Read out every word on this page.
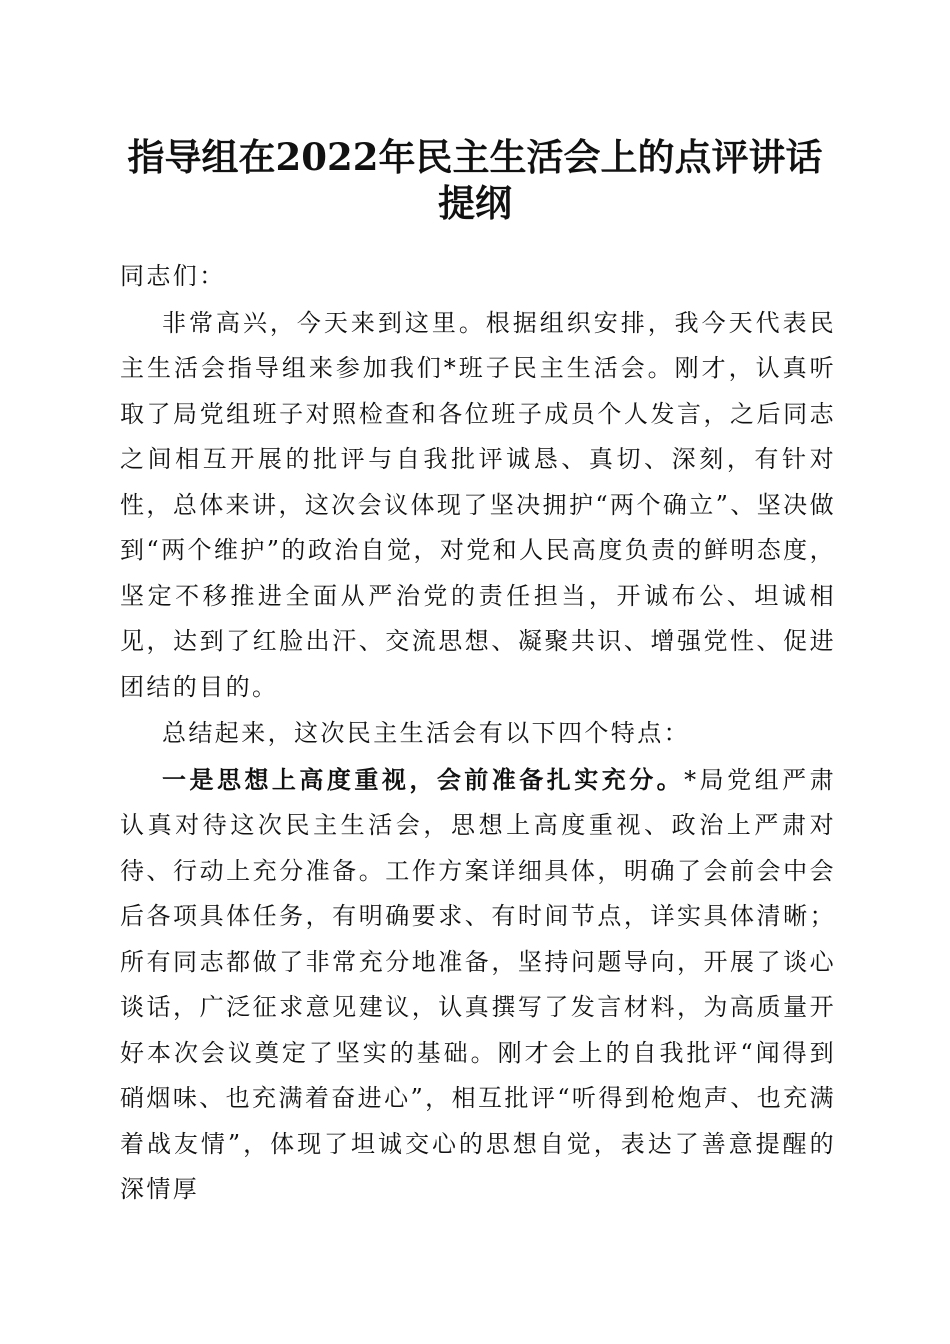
指导组在2022年民主生活会上的点评讲话提纲

同志们：

非常高兴，今天来到这里。根据组织安排，我今天代表民主生活会指导组来参加我们*班子民主生活会。刚才，认真听取了局党组班子对照检查和各位班子成员个人发言，之后同志之间相互开展的批评与自我批评诚恳、真切、深刻，有针对性，总体来讲，这次会议体现了坚决拥护“两个确立”、坚决做到“两个维护”的政治自觉，对党和人民高度负责的鲜明态度，坚定不移推进全面从严治党的责任担当，开诚布公、坦诚相见，达到了红脸出汗、交流思想、凝聚共识、增强党性、促进团结的目的。

总结起来，这次民主生活会有以下四个特点：

一是思想上高度重视，会前准备扎实充分。*局党组严肃认真对待这次民主生活会，思想上高度重视、政治上严肃对待、行动上充分准备。工作方案详细具体，明确了会前会中会后各项具体任务，有明确要求、有时间节点，详实具体清晰；所有同志都做了非常充分地准备，坚持问题导向，开展了谈心谈话，广泛征求意见建议，认真撰写了发言材料，为高质量开好本次会议奠定了坚实的基础。刚才会上的自我批评“闻得到硝烟味、也充满着奋进心”，相互批评“听得到枪炮声、也充满着战友情”，体现了坦诚交心的思想自觉，表达了善意提醒的深情厚
